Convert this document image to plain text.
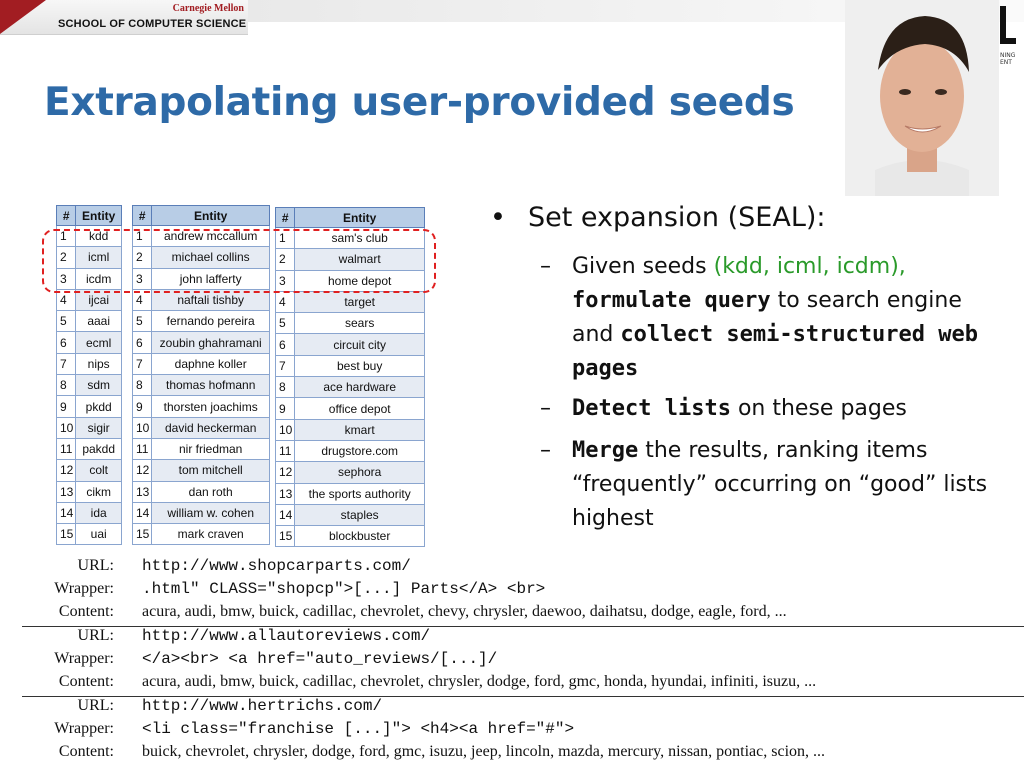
Carnegie Mellon
SCHOOL OF COMPUTER SCIENCE
Extrapolating user-provided seeds
NING
ENT
#	Entity
1	kdd
2	icml
3	icdm
4	ijcai
5	aaai
6	ecml
7	nips
8	sdm
9	pkdd
10	sigir
11	pakdd
12	colt
13	cikm
14	ida
15	uai
#	Entity
1	andrew mccallum
2	michael collins
3	john lafferty
4	naftali tishby
5	fernando pereira
6	zoubin ghahramani
7	daphne koller
8	thomas hofmann
9	thorsten joachims
10	david heckerman
11	nir friedman
12	tom mitchell
13	dan roth
14	william w. cohen
15	mark craven
#	Entity
1	sam's club
2	walmart
3	home depot
4	target
5	sears
6	circuit city
7	best buy
8	ace hardware
9	office depot
10	kmart
11	drugstore.com
12	sephora
13	the sports authority
14	staples
15	blockbuster
• Set expansion (SEAL):
– Given seeds (kdd, icml, icdm), formulate query to search engine and collect semi-structured web pages
– Detect lists on these pages
– Merge the results, ranking items “frequently” occurring on “good” lists highest
URL: http://www.shopcarparts.com/
Wrapper: .html" CLASS="shopcp">[...] Parts</A> <br>
Content: acura, audi, bmw, buick, cadillac, chevrolet, chevy, chrysler, daewoo, daihatsu, dodge, eagle, ford, ...
URL: http://www.allautoreviews.com/
Wrapper: </a><br> <a href="auto_reviews/[...]/
Content: acura, audi, bmw, buick, cadillac, chevrolet, chrysler, dodge, ford, gmc, honda, hyundai, infiniti, isuzu, ...
URL: http://www.hertrichs.com/
Wrapper: <li class="franchise [...]"> <h4><a href="#">
Content: buick, chevrolet, chrysler, dodge, ford, gmc, isuzu, jeep, lincoln, mazda, mercury, nissan, pontiac, scion, ...
